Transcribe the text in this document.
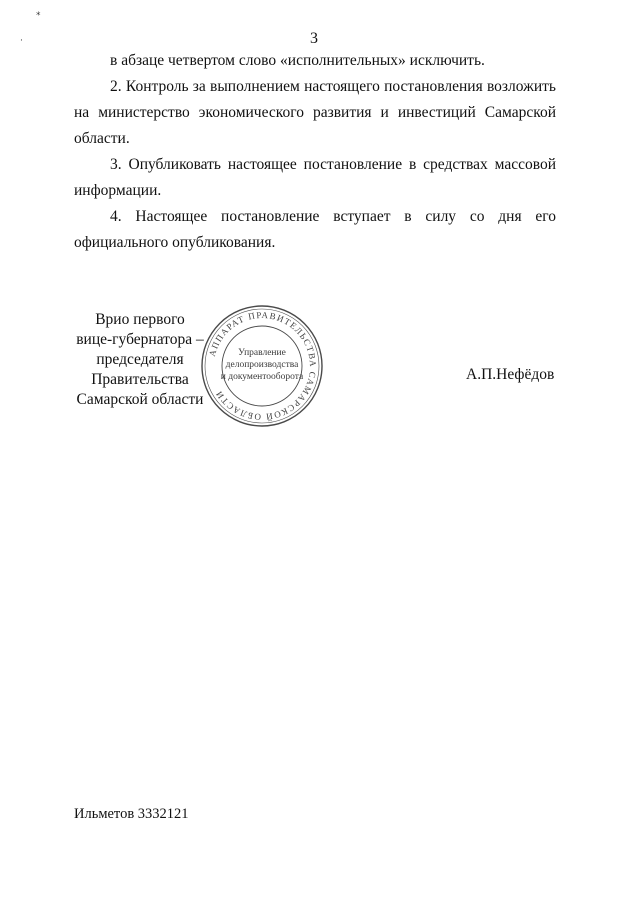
3

в абзаце четвертом слово «исполнительных» исключить.

2. Контроль за выполнением настоящего постановления возложить на министерство экономического развития и инвестиций Самарской области.

3. Опубликовать настоящее постановление в средствах массовой информации.

4. Настоящее постановление вступает в силу со дня его официального опубликования.

Врио первого
вице-губернатора –
председателя Правительства
Самарской области
АППАРАТ ПРАВИТЕЛЬСТВА САМАРСКОЙ ОБЛАСТИ
Управление
делопроизводства
и документооборота	А.П.Нефёдов
Ильметов 3332121
⁎
·
